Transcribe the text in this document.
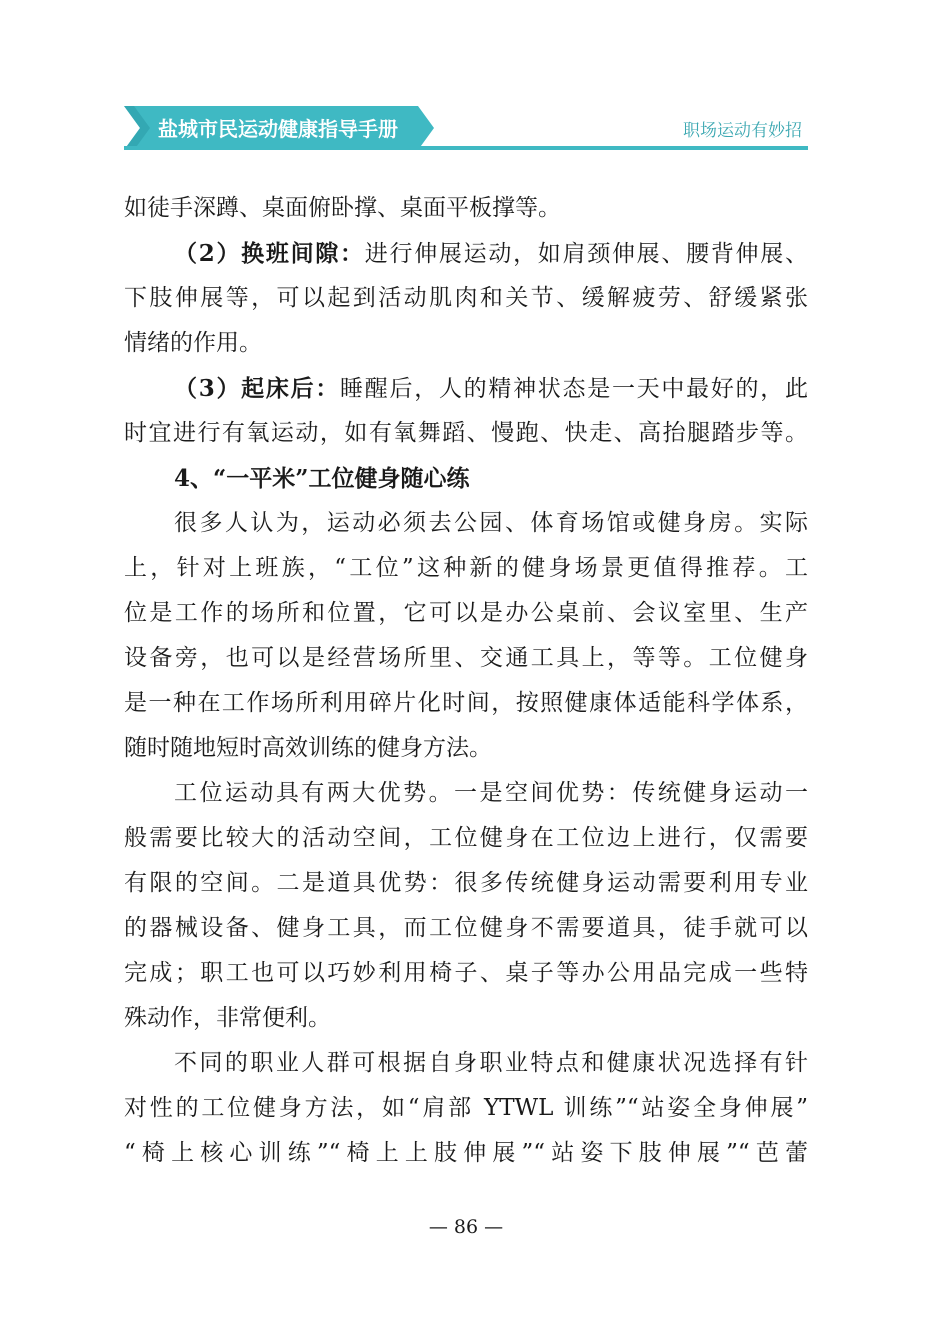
盐城市民运动健康指导手册	职场运动有妙招
如徒手深蹲、桌面俯卧撑、桌面平板撑等。
（2）换班间隙：进行伸展运动，如肩颈伸展、腰背伸展、
下肢伸展等，可以起到活动肌肉和关节、缓解疲劳、舒缓紧张
情绪的作用。
（3）起床后：睡醒后，人的精神状态是一天中最好的，此
时宜进行有氧运动，如有氧舞蹈、慢跑、快走、高抬腿踏步等。
4、“一平米”工位健身随心练
很多人认为，运动必须去公园、体育场馆或健身房。实际
上，针对上班族，“工位”这种新的健身场景更值得推荐。工
位是工作的场所和位置，它可以是办公桌前、会议室里、生产
设备旁，也可以是经营场所里、交通工具上，等等。工位健身
是一种在工作场所利用碎片化时间，按照健康体适能科学体系，
随时随地短时高效训练的健身方法。
工位运动具有两大优势。一是空间优势：传统健身运动一
般需要比较大的活动空间，工位健身在工位边上进行，仅需要
有限的空间。二是道具优势：很多传统健身运动需要利用专业
的器械设备、健身工具，而工位健身不需要道具，徒手就可以
完成；职工也可以巧妙利用椅子、桌子等办公用品完成一些特
殊动作，非常便利。
不同的职业人群可根据自身职业特点和健康状况选择有针
对性的工位健身方法，如“肩部 YTWL 训练”“站姿全身伸展”
“椅上核心训练”“椅上上肢伸展”“站姿下肢伸展”“芭蕾
— 86 —
